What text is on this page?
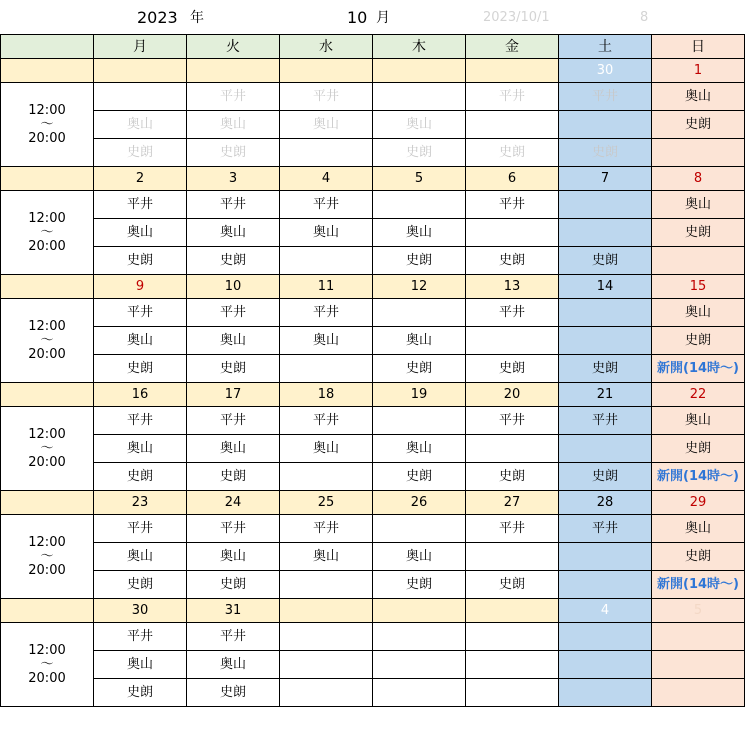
2023 年	10 月	2023/10/1	8
	月	火	水	木	金	土	日
						30	1

12:00
〜
20:00		平井	平井		平井	平井	奥山
	奥山	奥山	奥山	奥山			史朗
	史朗	史朗		史朗	史朗	史朗	
	2	3	4	5	6	7	8

12:00
〜
20:00	平井	平井	平井		平井		奥山
	奥山	奥山	奥山	奥山			史朗
	史朗	史朗		史朗	史朗	史朗	
	9	10	11	12	13	14	15

12:00
〜
20:00	平井	平井	平井		平井		奥山
	奥山	奥山	奥山	奥山			史朗
	史朗	史朗		史朗	史朗	史朗	新開(14時〜)
	16	17	18	19	20	21	22

12:00
〜
20:00	平井	平井	平井		平井	平井	奥山
	奥山	奥山	奥山	奥山			史朗
	史朗	史朗		史朗	史朗	史朗	新開(14時〜)
	23	24	25	26	27	28	29

12:00
〜
20:00	平井	平井	平井		平井	平井	奥山
	奥山	奥山	奥山	奥山			史朗
	史朗	史朗		史朗	史朗		新開(14時〜)
	30	31				4	5

12:00
〜
20:00	平井	平井					
	奥山	奥山					
	史朗	史朗					
